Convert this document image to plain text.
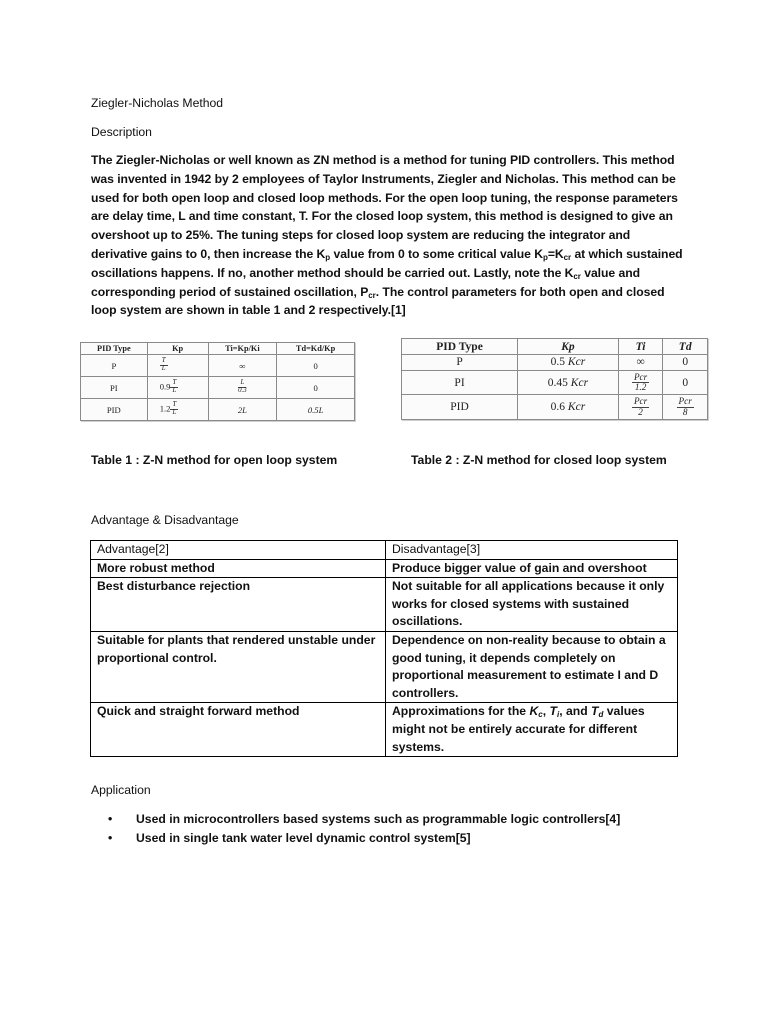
Ziegler-Nicholas Method

Description

The Ziegler-Nicholas or well known as ZN method is a method for tuning PID controllers. This method was invented in 1942 by 2 employees of Taylor Instruments, Ziegler and Nicholas. This method can be used for both open loop and closed loop methods. For the open loop tuning, the response parameters are delay time, L and time constant, T. For the closed loop system, this method is designed to give an overshoot up to 25%. The tuning steps for closed loop system are reducing the integrator and derivative gains to 0, then increase the $K_p$ value from 0 to some critical value $K_p=K_{cr}$ at which sustained oscillations happens. If no, another method should be carried out. Lastly, note the $K_{cr}$ value and corresponding period of sustained oscillation, $P_{cr}$. The control parameters for both open and closed loop system are shown in table 1 and 2 respectively.[1]

PID Type	Kp	Ti=Kp/Ki	Td=Kd/Kp
P	$\frac{T}{L}$	∞	0
PI	$0.9 \frac{T}{L}$	$\frac{L}{0.3}$	0
PID	$1.2 \frac{T}{L}$	2L	0.5L
PID Type	Kp	Ti	Td
P	0.5 Kcr	∞	0
PI	0.45 Kcr	$\frac{\text{Pcr}}{1.2}$	0
PID	0.6 Kcr	$\frac{\text{Pcr}}{2}$	$\frac{\text{Pcr}}{8}$
Table 1 : Z-N method for open loop system	Table 2 : Z-N method for closed loop system

Advantage & Disadvantage

Advantage[2]	Disadvantage[3]
More robust method	Produce bigger value of gain and overshoot
Best disturbance rejection	Not suitable for all applications because it only works for closed systems with sustained oscillations.
Suitable for plants that rendered unstable under proportional control.	Dependence on non-reality because to obtain a good tuning, it depends completely on proportional measurement to estimate I and D controllers.
Quick and straight forward method	Approximations for the $K_c$, $T_i$, and $T_d$ values might not be entirely accurate for different systems.

Application

• Used in microcontrollers based systems such as programmable logic controllers[4]
• Used in single tank water level dynamic control system[5]
